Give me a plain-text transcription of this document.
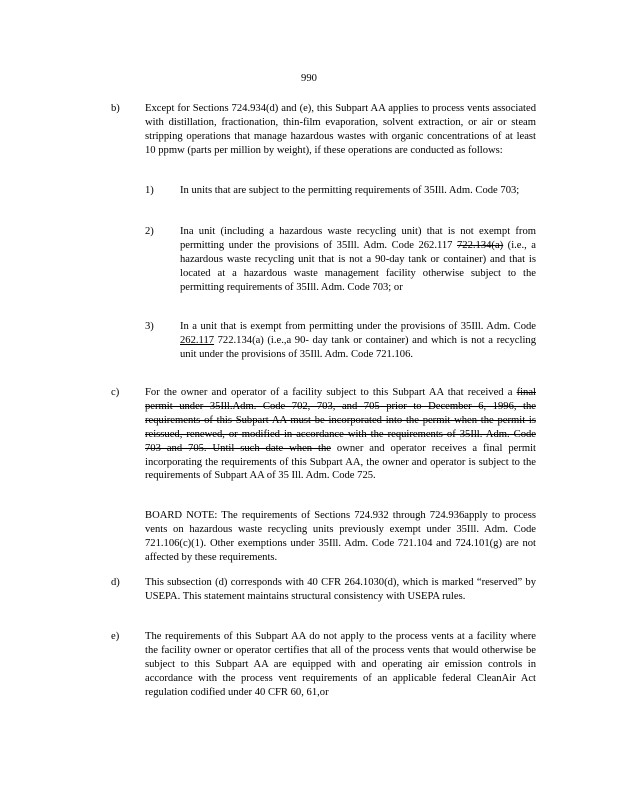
990
b) Except for Sections 724.934(d) and (e), this Subpart AA applies to process vents associated with distillation, fractionation, thin-film evaporation, solvent extraction, or air or steam stripping operations that manage hazardous wastes with organic concentrations of at least 10 ppmw (parts per million by weight), if these operations are conducted as follows:
1) In units that are subject to the permitting requirements of 35Ill. Adm. Code 703;
2) Ina unit (including a hazardous waste recycling unit) that is not exempt from permitting under the provisions of 35Ill. Adm. Code 262.117 722.134(a) (i.e., a hazardous waste recycling unit that is not a 90-day tank or container) and that is located at a hazardous waste management facility otherwise subject to the permitting requirements of 35Ill. Adm. Code 703; or
3) In a unit that is exempt from permitting under the provisions of 35Ill. Adm. Code 262.117 722.134(a) (i.e.,a 90- day tank or container) and which is not a recycling unit under the provisions of 35Ill. Adm. Code 721.106.
c) For the owner and operator of a facility subject to this Subpart AA that received a final permit under 35Ill.Adm. Code 702, 703, and 705 prior to December 6, 1996, the requirements of this Subpart AA must be incorporated into the permit when the permit is reissued, renewed, or modified in accordance with the requirements of 35Ill. Adm. Code 703 and 705. Until such date when the owner and operator receives a final permit incorporating the requirements of this Subpart AA, the owner and operator is subject to the requirements of Subpart AA of 35 Ill. Adm. Code 725.
BOARD NOTE: The requirements of Sections 724.932 through 724.936apply to process vents on hazardous waste recycling units previously exempt under 35Ill. Adm. Code 721.106(c)(1). Other exemptions under 35Ill. Adm. Code 721.104 and 724.101(g) are not affected by these requirements.
d) This subsection (d) corresponds with 40 CFR 264.1030(d), which is marked “reserved” by USEPA. This statement maintains structural consistency with USEPA rules.
e) The requirements of this Subpart AA do not apply to the process vents at a facility where the facility owner or operator certifies that all of the process vents that would otherwise be subject to this Subpart AA are equipped with and operating air emission controls in accordance with the process vent requirements of an applicable federal CleanAir Act regulation codified under 40 CFR 60, 61,or
